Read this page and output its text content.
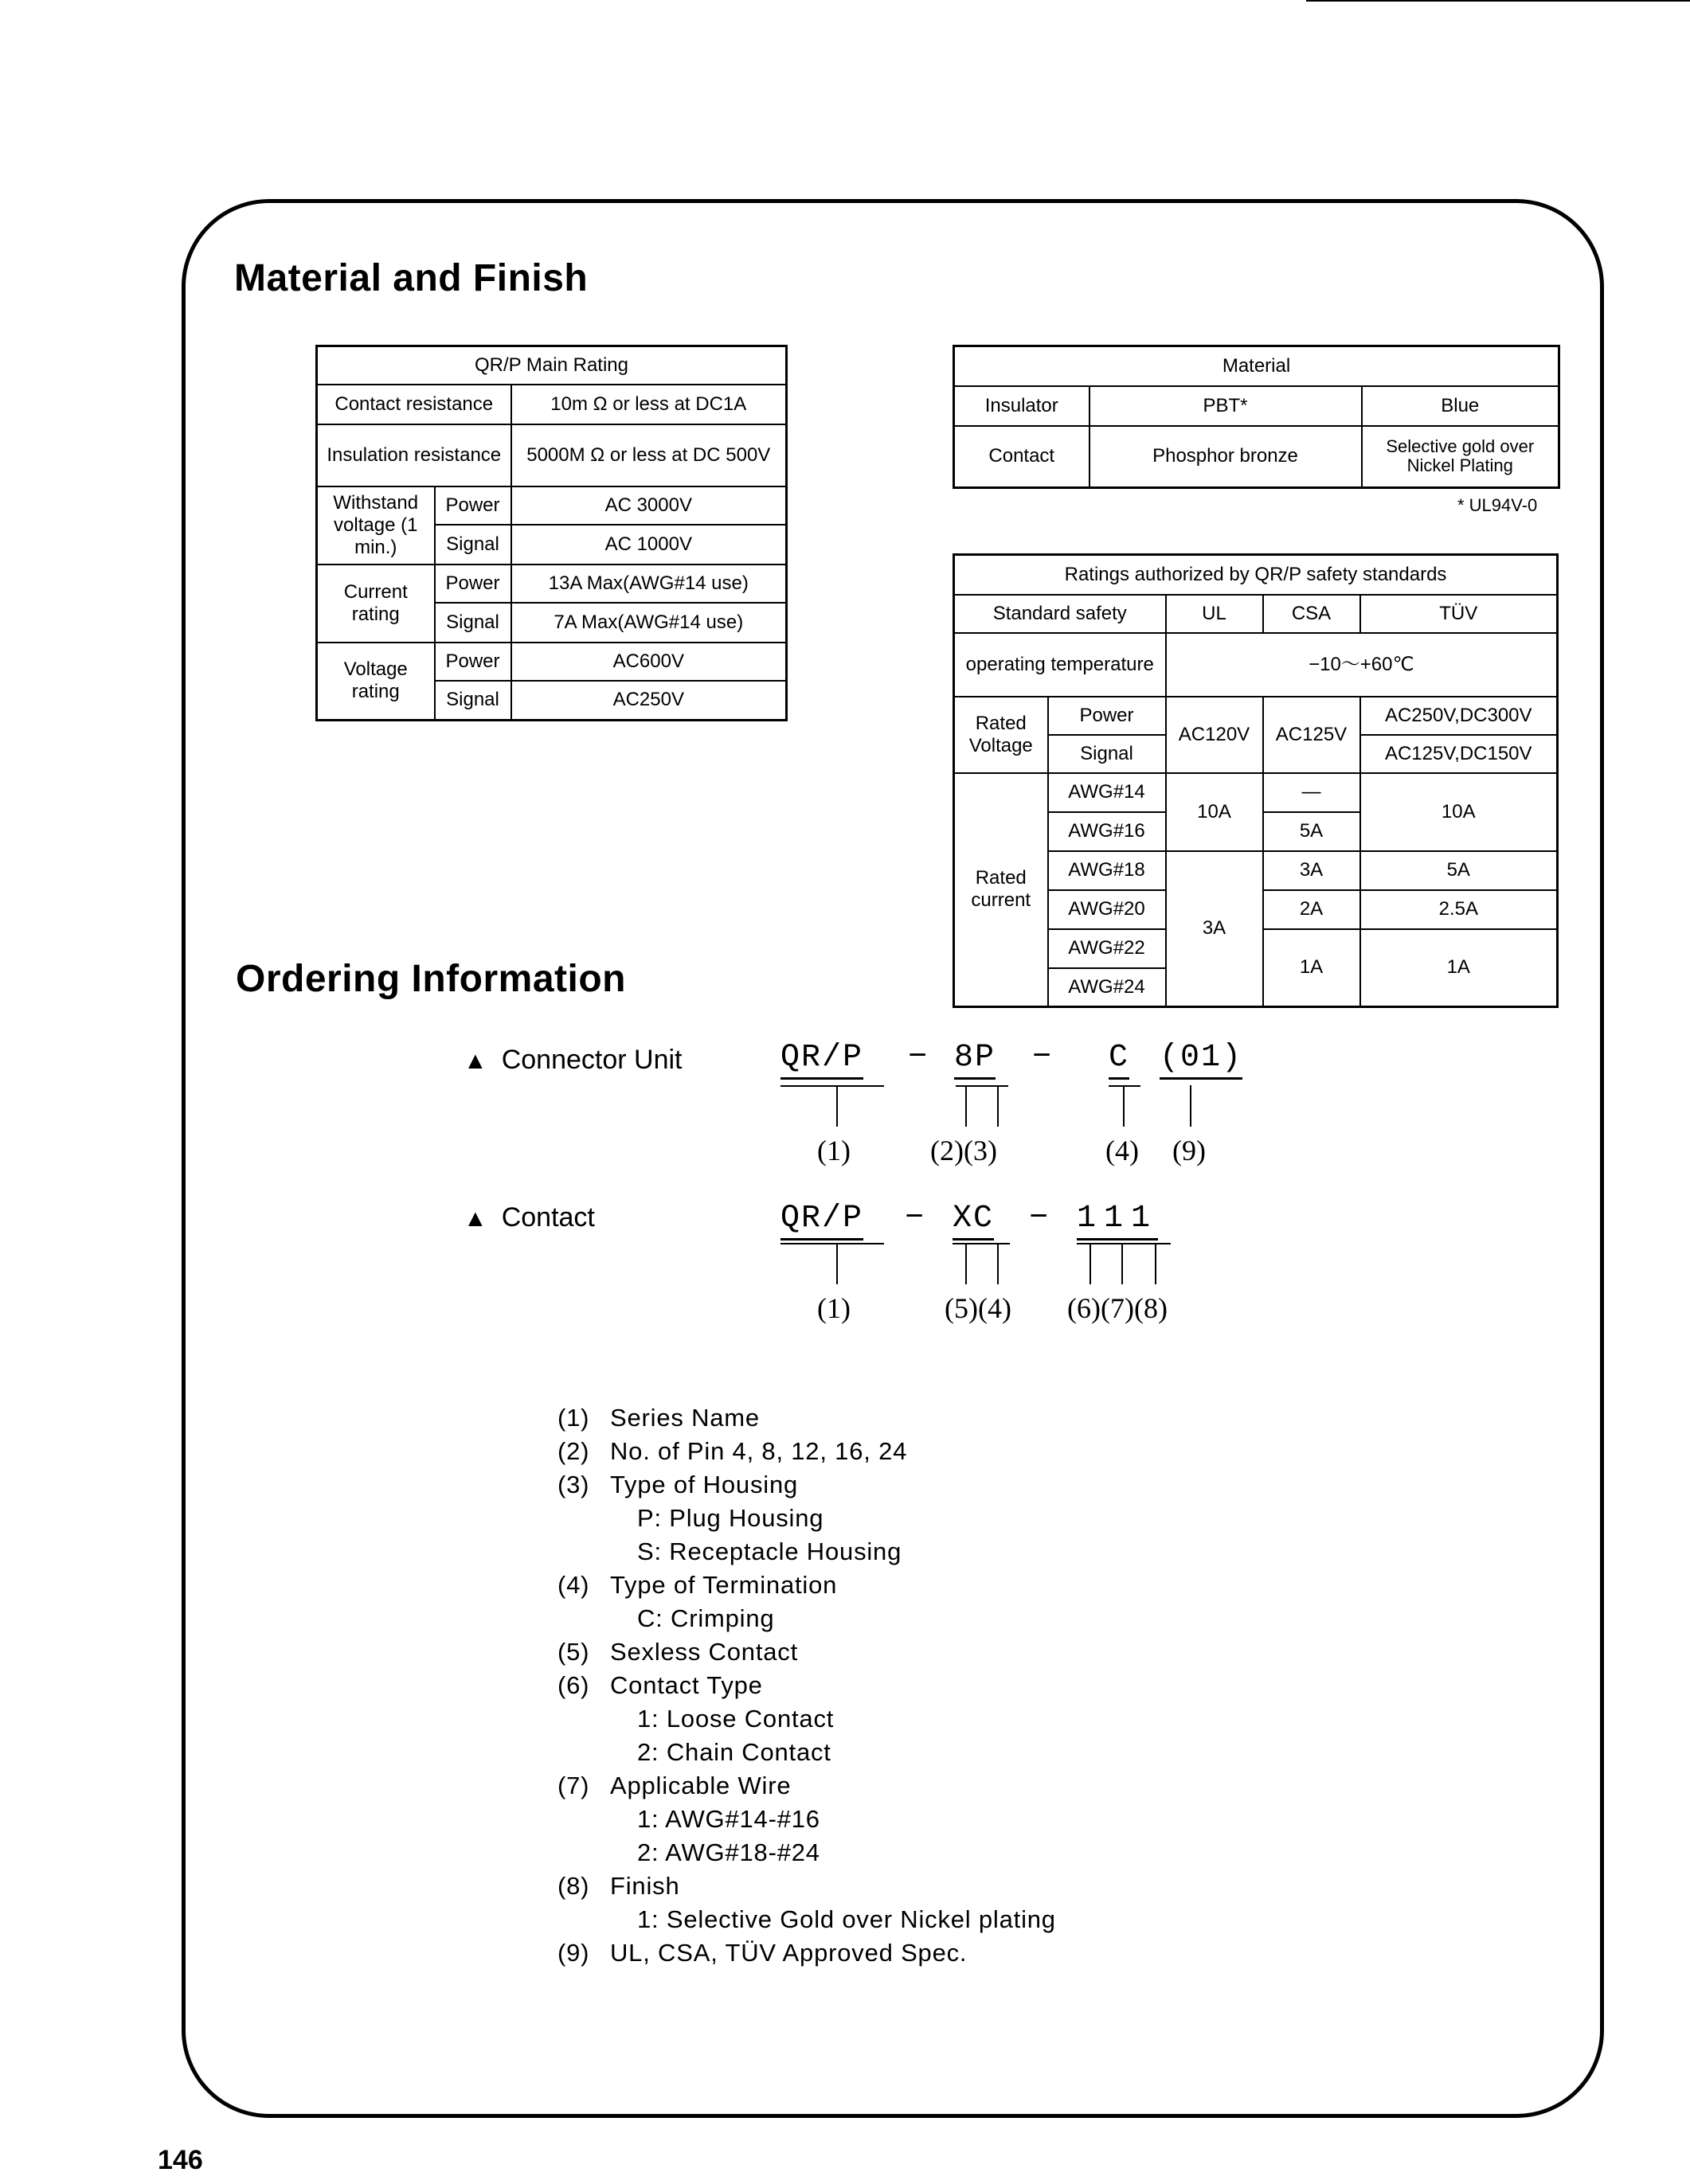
Material and Finish
QR/P Main Rating		
Contact resistance		10m Ω or less at DC1A
Insulation resistance		5000M Ω or less at DC 500V
Withstand voltage (1 min.)	Power	AC 3000V
	Signal	AC 1000V
Current rating	Power	13A Max(AWG#14 use)
	Signal	7A Max(AWG#14 use)
Voltage rating	Power	AC600V
	Signal	AC250V
Material		
Insulator	PBT*	Blue
Contact	Phosphor bronze	Selective gold over Nickel Plating
* UL94V-0
Ratings authorized by QR/P safety standards				
Standard safety		UL	CSA	TÜV
operating temperature		−10〜+60℃		
Rated Voltage	Power	AC120V	AC125V	AC250V,DC300V
	Signal			AC125V,DC150V
Rated current	AWG#14	10A	—	10A
	AWG#16		5A	
	AWG#18	3A	3A	5A
	AWG#20		2A	2.5A
	AWG#22		1A	1A
	AWG#24			
Ordering Information
▲ Connector Unit	QR/P − 8P − C (01)
(1)	(2)(3)	(4) (9)
▲ Contact	QR/P − XC − 111
(1)	(5)(4) (6)(7)(8)
(1) Series Name
(2) No. of Pin 4, 8, 12, 16, 24
(3) Type of Housing
P: Plug Housing
S: Receptacle Housing
(4) Type of Termination
C: Crimping
(5) Sexless Contact
(6) Contact Type
1: Loose Contact
2: Chain Contact
(7) Applicable Wire
1: AWG#14-#16
2: AWG#18-#24
(8) Finish
1: Selective Gold over Nickel plating
(9) UL, CSA, TÜV Approved Spec.
146
